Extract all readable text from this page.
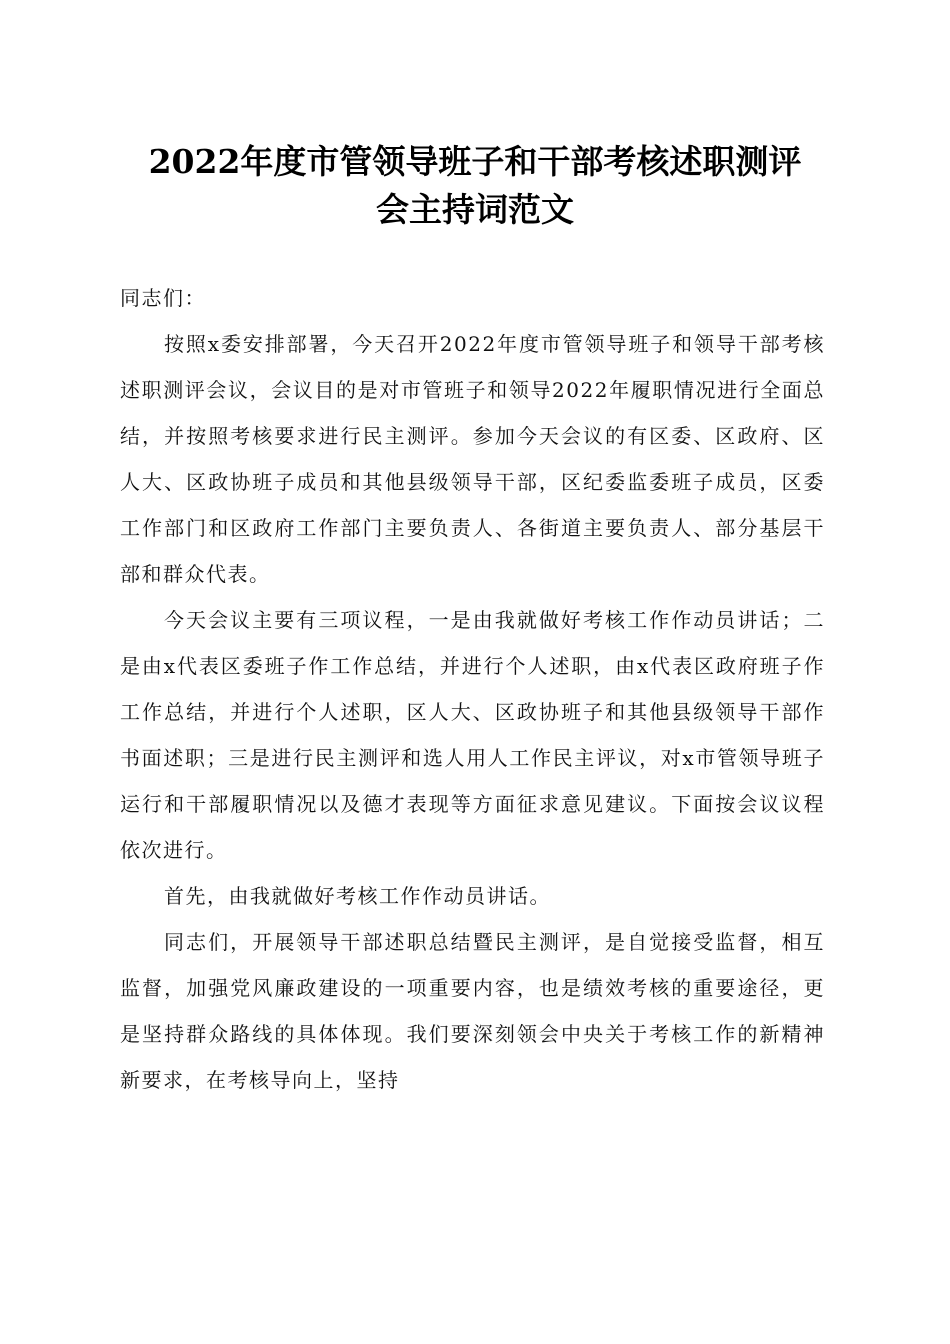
2022年度市管领导班子和干部考核述职测评
会主持词范文

同志们：

按照x委安排部署，今天召开2022年度市管领导班子和领导干部考核述职测评会议，会议目的是对市管班子和领导2022年履职情况进行全面总结，并按照考核要求进行民主测评。参加今天会议的有区委、区政府、区人大、区政协班子成员和其他县级领导干部，区纪委监委班子成员，区委工作部门和区政府工作部门主要负责人、各街道主要负责人、部分基层干部和群众代表。

今天会议主要有三项议程，一是由我就做好考核工作作动员讲话；二是由x代表区委班子作工作总结，并进行个人述职，由x代表区政府班子作工作总结，并进行个人述职，区人大、区政协班子和其他县级领导干部作书面述职；三是进行民主测评和选人用人工作民主评议，对x市管领导班子运行和干部履职情况以及德才表现等方面征求意见建议。下面按会议议程依次进行。

首先，由我就做好考核工作作动员讲话。

同志们，开展领导干部述职总结暨民主测评，是自觉接受监督，相互监督，加强党风廉政建设的一项重要内容，也是绩效考核的重要途径，更是坚持群众路线的具体体现。我们要深刻领会中央关于考核工作的新精神新要求，在考核导向上，坚持
